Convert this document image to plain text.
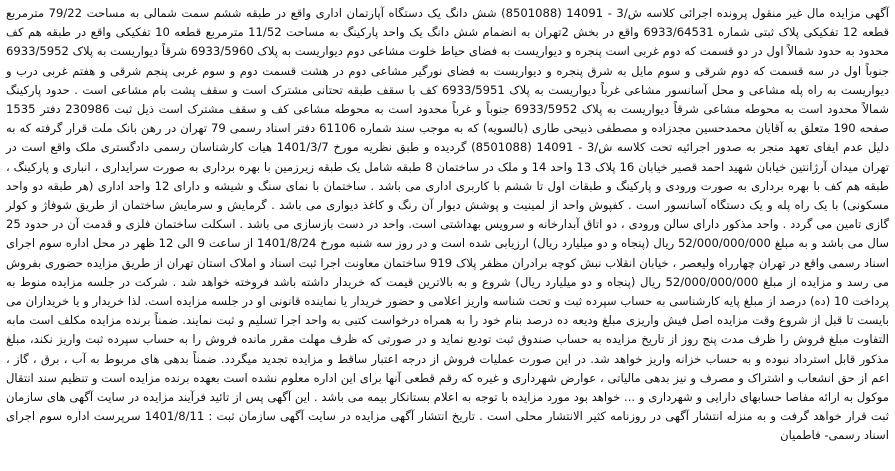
آگهی مزایده مال غیر منقول پرونده اجرائی کلاسه ش/3 - 14091 (8501088) شش دانگ یک دستگاه آپارتمان اداری واقع در طبقه ششم سمت شمالی به مساحت 79/22 مترمربع قطعه 12 تفکیکی پلاک ثبتی شماره 6933/64531 واقع در بخش 2تهران به انضمام شش دانگ یک واحد پارکینگ به مساحت 11/52 مترمربع قطعه 10 تفکیکی واقع در طبقه هم کف محدود به حدود شمالاً اول در دو قسمت که دوم غربی است پنجره و دیواریست به فضای حیاط خلوت مشاعی دوم دیواریست به پلاک 6933/5960 شرقاً دیواریست به پلاک 6933/5952 جنوباً اول در سه قسمت که دوم شرقی و سوم مایل به شرق پنجره و دیواریست به فضای نورگیر مشاعی دوم در هشت قسمت دوم و سوم غربی پنجم شرقی و هفتم غربی درب و دیواریست به راه پله مشاعی و محل آسانسور مشاعی غرباً دیواریست به پلاک 6933/5951 کف با سقف طبقه تحتانی مشترک است و سقف پشت بام مشاعی است . حدود پارکینگ شمالاً محدود است به محوطه مشاعی شرقاً دیواریست به پلاک 6933/5952 جنوباً و غرباً محدود است به محوطه مشاعی کف و سقف مشترک است ذیل ثبت 230986 دفتر 1535 صفحه 190 متعلق به آقایان محمدحسین مجدزاده و مصطفی ذبیحی طاری (بالسویه) که به موجب سند شماره 61106 دفتر اسناد رسمی 79 تهران در رهن بانک ملت قرار گرفته که به دلیل عدم ایفای تعهد منجر به صدور اجرائیه تحت کلاسه ش/3 - 14091 (8501088) گردیده و طبق نظریه مورخ 1401/3/7 هیات کارشناسان رسمی دادگستری ملک واقع است در تهران میدان آرژانتین خیابان شهید احمد قصیر خیابان 16 پلاک 13 واحد 14 و ملک در ساختمان 8 طبقه شامل یک طبقه زیرزمین با بهره برداری به صورت سرایداری ، انباری و پارکینگ ، طبقه هم کف با بهره برداری به صورت ورودی و پارکینگ و طبقات اول تا ششم با کاربری اداری می باشد . ساختمان با نمای سنگ و شیشه و دارای 12 واحد اداری (هر طبقه دو واحد مسکونی) با یک راه پله و یک دستگاه آسانسور است . کفپوش واحد از لمینیت و پوشش دیوار آن رنگ و کاغذ دیواری می باشد . گرمایش و سرمایش ساختمان از طریق شوفاژ و کولر گازی تامین می گردد . واحد مذکور دارای سالن ورودی ، دو اتاق آبدارخانه و سرویس بهداشتی است. واحد در دست بازسازی می باشد . اسکلت ساختمان فلزی و قدمت آن در حدود 25 سال می باشد و به مبلغ 52/000/000/000 ریال (پنجاه و دو میلیارد ریال) ارزیابی شده است و در روز سه شنبه مورخ 1401/8/24 از ساعت 9 الی 12 ظهر در محل اداره سوم اجرای اسناد رسمی واقع در تهران چهارراه ولیعصر ، خیابان انقلاب نبش کوچه برادران مظفر پلاک 919 ساختمان معاونت اجرا ثبت اسناد و املاک استان تهران از طریق مزایده حضوری بفروش می رسد و مزایده از مبلغ 52/000/000/000 ریال (پنجاه و دو میلیارد ریال) شروع و به بالاترین قیمت که خریدار داشته باشد فروخته خواهد شد . شرکت در جلسه مزایده منوط به پرداخت 10 (ده) درصد از مبلغ پایه کارشناسی به حساب سپرده ثبت و تحت شناسه واریز اعلامی و حضور خریدار یا نماینده قانونی او در جلسه مزایده است. لذا خریدار و یا خریداران می بایست تا قبل از شروع وقت مزایده اصل فیش واریزی مبلغ ودیعه ده درصد بنام خود را به همراه درخواست کتبی به واحد اجرا تسلیم و ثبت نمایند. ضمناً برنده مزایده مکلف است مابه التفاوت مبلغ فروش را ظرف مدت پنج روز از تاریخ مزایده به حساب صندوق ثبت تودیع نماید و در صورتی که ظرف مهلت مقرر مانده فروش را به حساب سپرده ثبت واریز نکند، مبلغ مذکور قابل استرداد نبوده و به حساب خزانه واریز خواهد شد. در این صورت عملیات فروش از درجه اعتبار ساقط و مزایده تجدید میگردد. ضمناً بدهی های مربوط به آب ، برق ، گاز ، اعم از حق انشعاب و اشتراک و مصرف و نیز بدهی مالیاتی ، عوارض شهرداری و غیره که رقم قطعی آنها برای این اداره معلوم نشده است بعهده برنده مزایده است و تنظیم سند انتقال موکول به ارائه مفاصا حسابهای دارایی و شهرداری و ... خواهد بود مورد مزایده با توجه به اعلام بستانکار بیمه می باشد . این آگهی پس از تائید فرآیند مزایده در سایت آگهی های سازمان ثبت قرار خواهد گرفت و به منزله انتشار آگهی در روزنامه کثیر الانتشار محلی است . تاریخ انتشار آگهی مزایده در سایت آگهی سازمان ثبت : 1401/8/11 سرپرست اداره سوم اجرای اسناد رسمی- فاطمیان
